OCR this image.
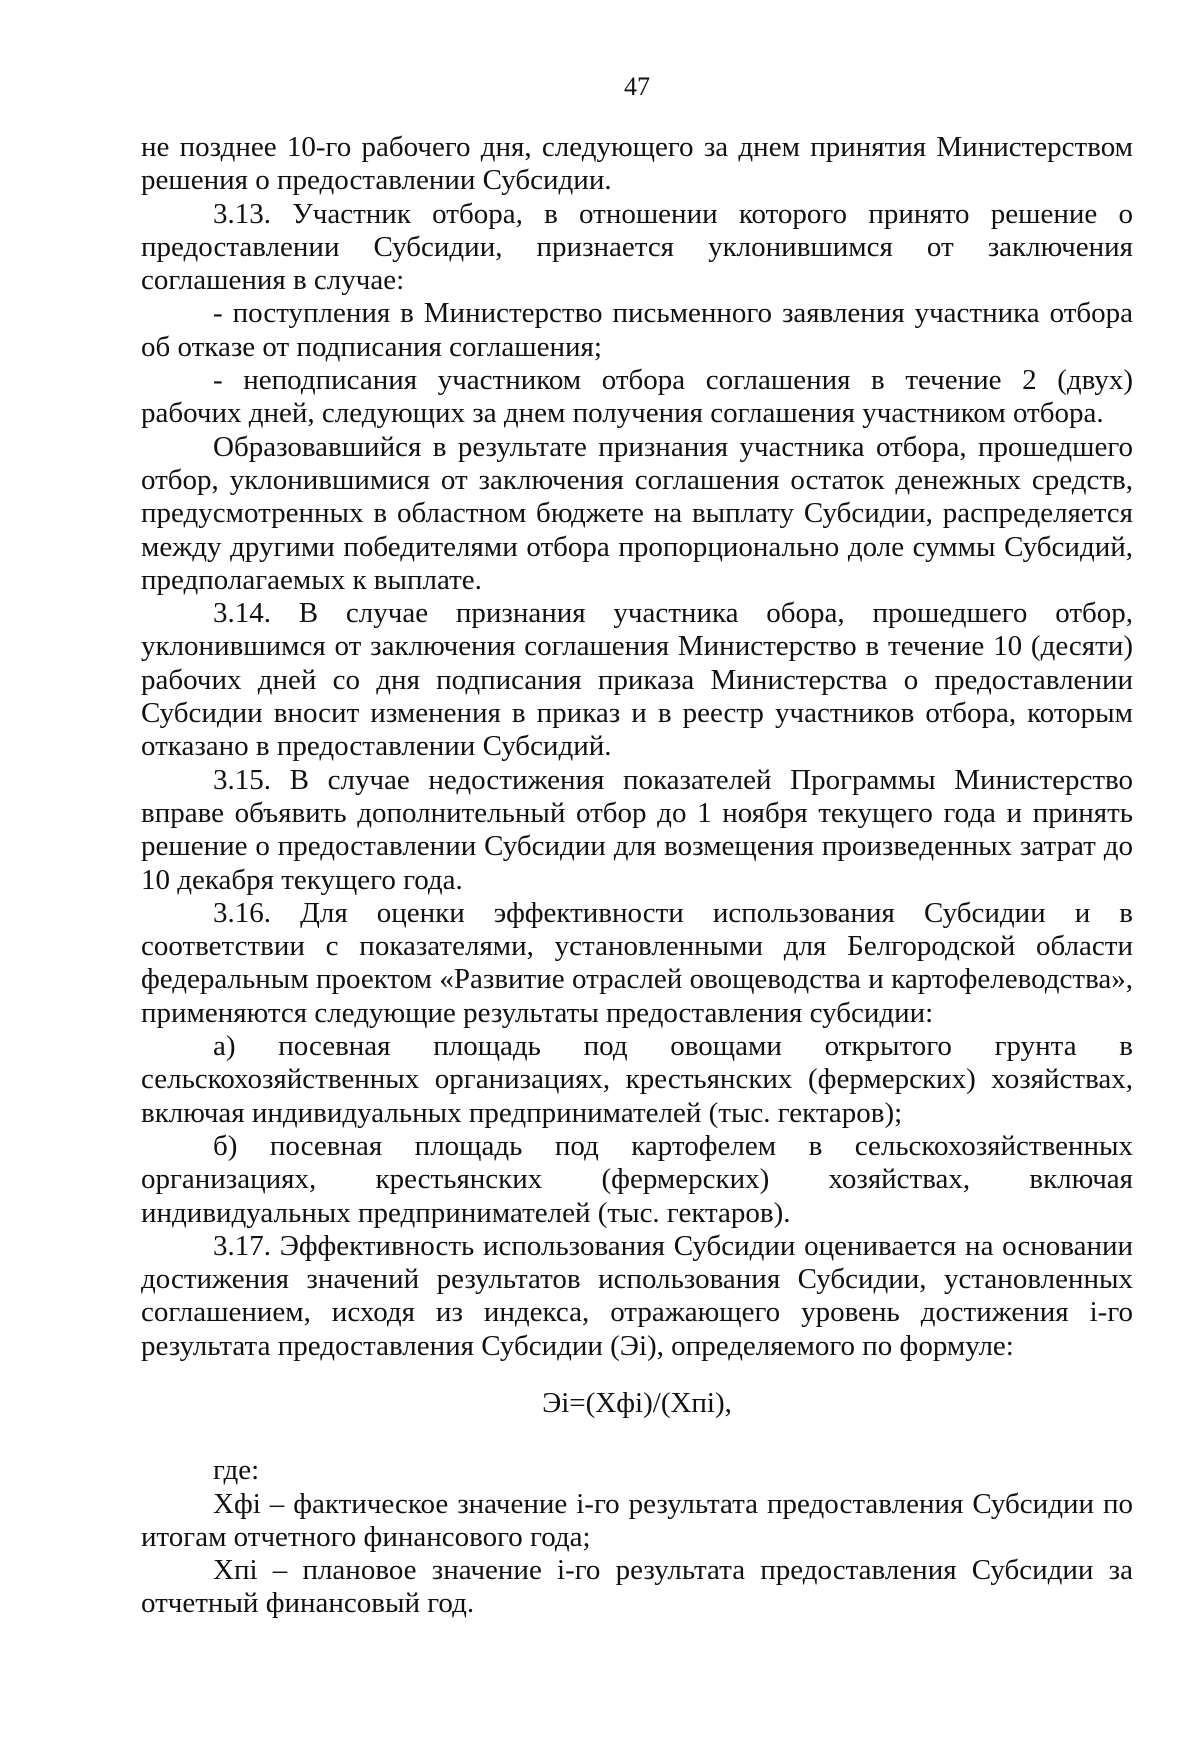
47

не позднее 10-го рабочего дня, следующего за днем принятия Министерством решения о предоставлении Субсидии.

3.13. Участник отбора, в отношении которого принято решение о предоставлении Субсидии, признается уклонившимся от заключения соглашения в случае:

- поступления в Министерство письменного заявления участника отбора об отказе от подписания соглашения;

- неподписания участником отбора соглашения в течение 2 (двух) рабочих дней, следующих за днем получения соглашения участником отбора.

Образовавшийся в результате признания участника отбора, прошедшего отбор, уклонившимися от заключения соглашения остаток денежных средств, предусмотренных в областном бюджете на выплату Субсидии, распределяется между другими победителями отбора пропорционально доле суммы Субсидий, предполагаемых к выплате.

3.14. В случае признания участника обора, прошедшего отбор, уклонившимся от заключения соглашения Министерство в течение 10 (десяти) рабочих дней со дня подписания приказа Министерства о предоставлении Субсидии вносит изменения в приказ и в реестр участников отбора, которым отказано в предоставлении Субсидий.

3.15. В случае недостижения показателей Программы Министерство вправе объявить дополнительный отбор до 1 ноября текущего года и принять решение о предоставлении Субсидии для возмещения произведенных затрат до 10 декабря текущего года.

3.16. Для оценки эффективности использования Субсидии и в соответствии с показателями, установленными для Белгородской области федеральным проектом «Развитие отраслей овощеводства и картофелеводства», применяются следующие результаты предоставления субсидии:

а) посевная площадь под овощами открытого грунта в сельскохозяйственных организациях, крестьянских (фермерских) хозяйствах, включая индивидуальных предпринимателей (тыс. гектаров);

б) посевная площадь под картофелем в сельскохозяйственных организациях, крестьянских (фермерских) хозяйствах, включая индивидуальных предпринимателей (тыс. гектаров).

3.17. Эффективность использования Субсидии оценивается на основании достижения значений результатов использования Субсидии, установленных соглашением, исходя из индекса, отражающего уровень достижения i-го результата предоставления Субсидии (Эi), определяемого по формуле:

Эi=(Хфi)/(Хпi),

где:

Хфi – фактическое значение i-го результата предоставления Субсидии по итогам отчетного финансового года;

Хпi – плановое значение i-го результата предоставления Субсидии за отчетный финансовый год.
